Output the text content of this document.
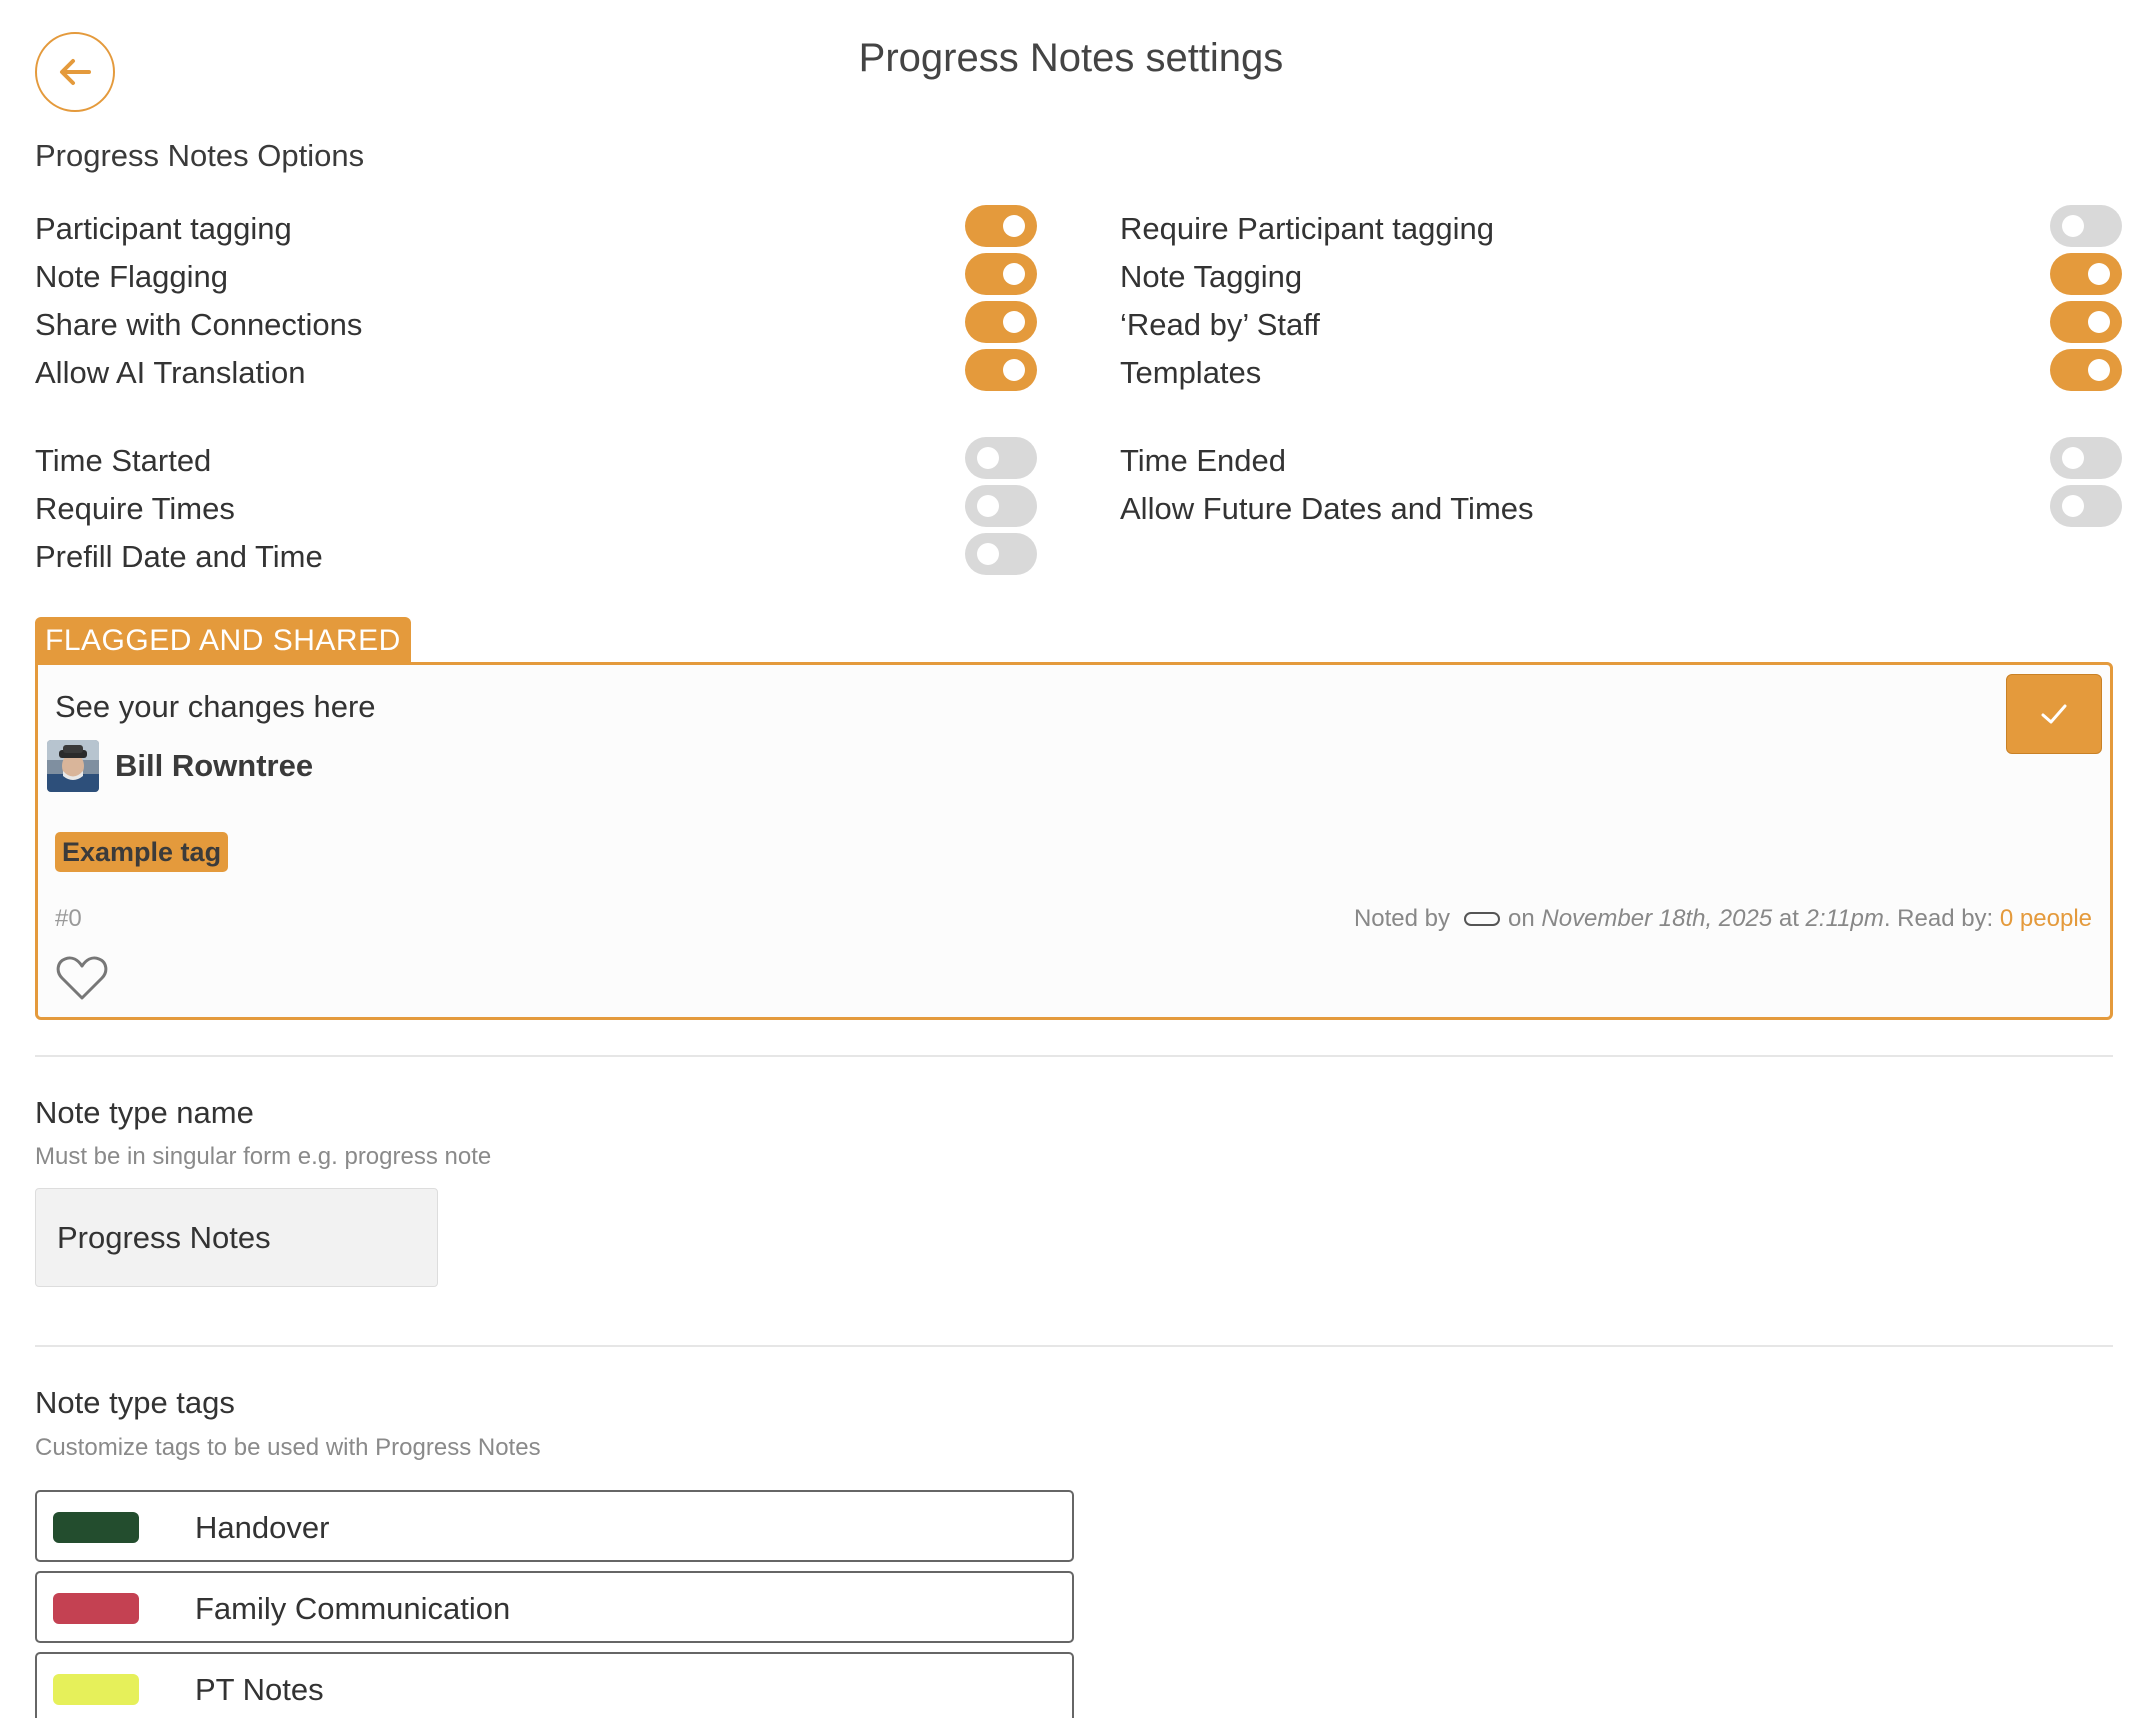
Progress Notes settings
Progress Notes Options
Participant tagging
Note Flagging
Share with Connections
Allow AI Translation
Time Started
Require Times
Prefill Date and Time
Require Participant tagging
Note Tagging
‘Read by’ Staff
Templates
Time Ended
Allow Future Dates and Times
FLAGGED AND SHARED
See your changes here
Bill Rowntree
Example tag
#0	Noted by on
November 18th, 2025
at
2:11pm . Read by:
0 people
Note type name
Must be in singular form e.g. progress note
Progress Notes
Note type tags
Customize tags to be used with Progress Notes
Handover
Family Communication
PT Notes
